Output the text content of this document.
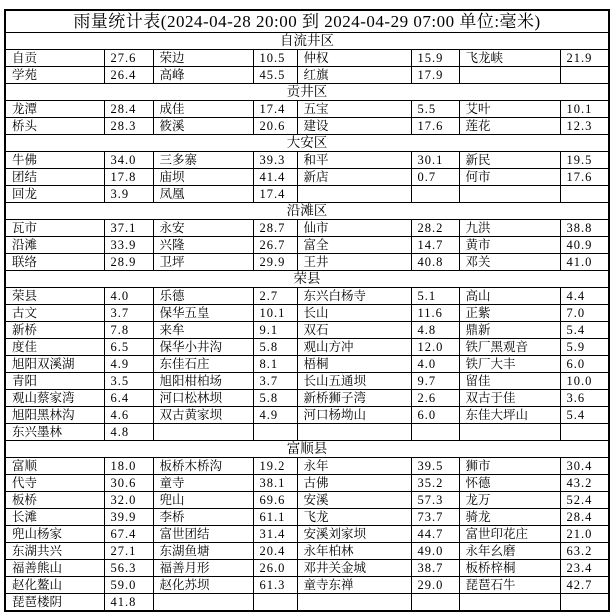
雨量统计表(2024-04-28 20:00 到 2024-04-29 07:00 单位:毫米)							
自流井区							
自贡	27.6	荣边	10.5	仲权	15.9	飞龙峡	21.9
学苑	26.4	高峰	45.5	红旗	17.9		
贡井区							
龙潭	28.4	成佳	17.4	五宝	5.5	艾叶	10.1
桥头	28.3	筱溪	20.6	建设	17.6	莲花	12.3
大安区							
牛佛	34.0	三多寨	39.3	和平	30.1	新民	19.5
团结	17.8	庙坝	41.4	新店	0.7	何市	17.6
回龙	3.9	凤凰	17.4				
沿滩区							
瓦市	37.1	永安	28.7	仙市	28.2	九洪	38.8
沿滩	33.9	兴隆	26.7	富全	14.7	黄市	40.9
联络	28.9	卫坪	29.9	王井	40.8	邓关	41.0
荣县							
荣县	4.0	乐德	2.7	东兴白杨寺	5.1	高山	4.4
古文	3.7	保华五皇	10.1	长山	11.6	正紫	7.0
新桥	7.8	来牟	9.1	双石	4.8	鼎新	5.4
度佳	6.5	保华小井沟	5.8	观山方冲	12.0	铁厂黑观音	5.9
旭阳双溪湖	4.9	东佳石庄	8.1	梧桐	4.0	铁厂大丰	6.0
青阳	3.5	旭阳柑柏场	3.7	长山五通坝	9.7	留佳	10.0
观山蔡家湾	6.4	河口松林坝	5.8	新桥狮子湾	2.6	双古于佳	3.6
旭阳黑林沟	4.6	双古黄家坝	4.9	河口杨坳山	6.0	东佳大坪山	5.4
东兴墨林	4.8						
富顺县							
富顺	18.0	板桥木桥沟	19.2	永年	39.5	狮市	30.4
代寺	30.6	童寺	38.1	古佛	35.2	怀德	43.2
板桥	32.0	兜山	69.6	安溪	57.3	龙万	52.4
长滩	39.9	李桥	61.1	飞龙	73.7	骑龙	28.4
兜山杨家	67.4	富世团结	31.4	安溪刘家坝	44.7	富世印花庄	21.0
东湖共兴	27.1	东湖鱼塘	20.4	永年柏林	49.0	永年幺磨	63.2
福善熊山	56.3	福善月形	26.0	邓井关金城	38.7	板桥梓桐	23.4
赵化鳌山	59.0	赵化苏坝	61.3	童寺东禅	29.0	琵琶石牛	42.7
琵琶楼阴	41.8						
